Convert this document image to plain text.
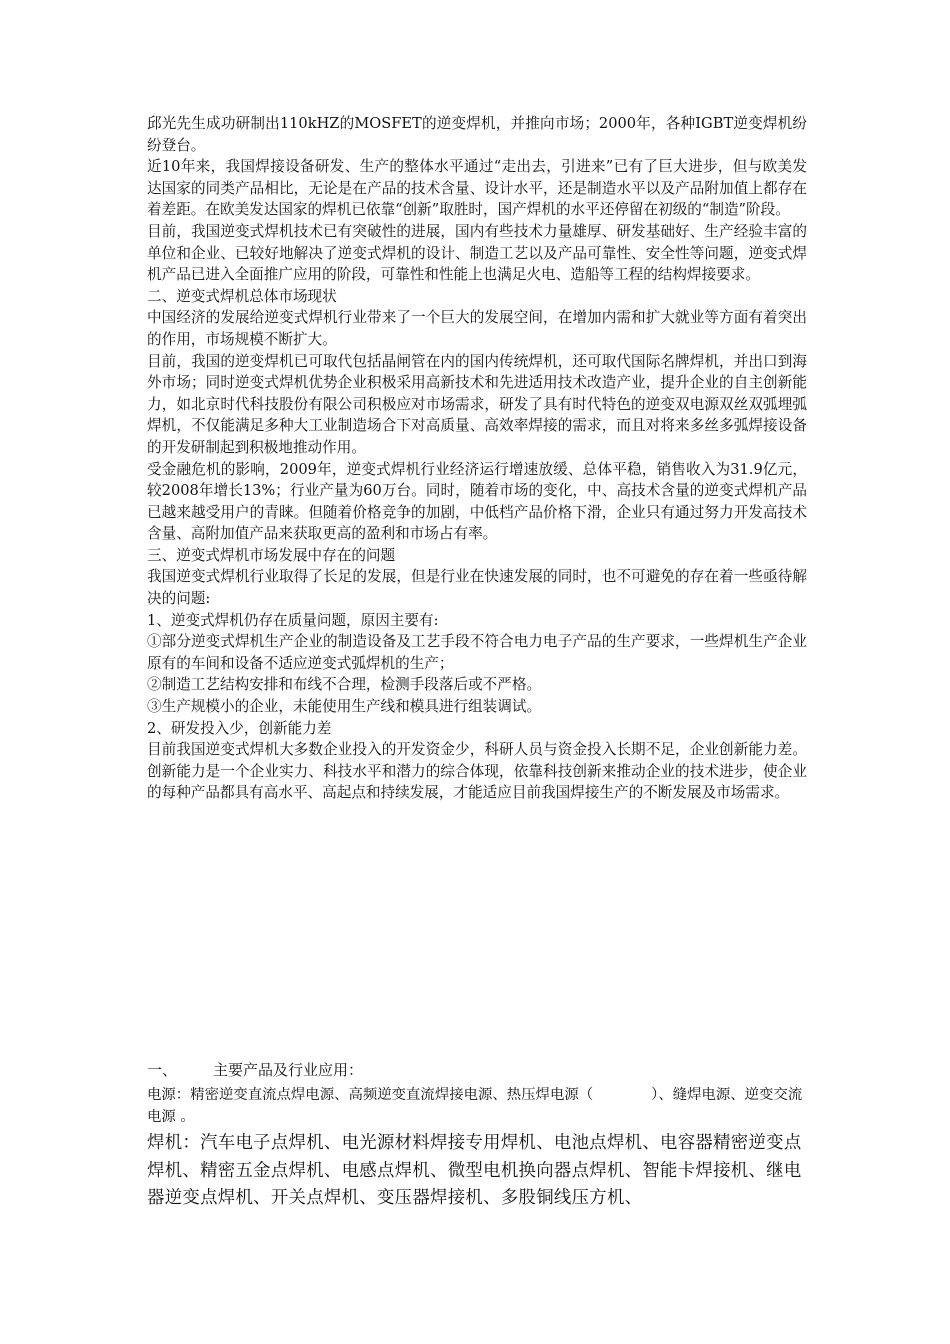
邱光先生成功研制出110kHZ的MOSFET的逆变焊机，并推向市场；2000年，各种IGBT逆变焊机纷纷登台。

近10年来，我国焊接设备研发、生产的整体水平通过“走出去，引进来”已有了巨大进步，但与欧美发达国家的同类产品相比，无论是在产品的技术含量、设计水平，还是制造水平以及产品附加值上都存在着差距。在欧美发达国家的焊机已依靠“创新”取胜时，国产焊机的水平还停留在初级的“制造”阶段。

目前，我国逆变式焊机技术已有突破性的进展，国内有些技术力量雄厚、研发基础好、生产经验丰富的单位和企业、已较好地解决了逆变式焊机的设计、制造工艺以及产品可靠性、安全性等问题，逆变式焊机产品已进入全面推广应用的阶段，可靠性和性能上也满足火电、造船等工程的结构焊接要求。

二、逆变式焊机总体市场现状

中国经济的发展给逆变式焊机行业带来了一个巨大的发展空间，在增加内需和扩大就业等方面有着突出的作用，市场规模不断扩大。

目前，我国的逆变焊机已可取代包括晶闸管在内的国内传统焊机，还可取代国际名牌焊机，并出口到海外市场；同时逆变式焊机优势企业积极采用高新技术和先进适用技术改造产业，提升企业的自主创新能力，如北京时代科技股份有限公司积极应对市场需求，研发了具有时代特色的逆变双电源双丝双弧埋弧焊机，不仅能满足多种大工业制造场合下对高质量、高效率焊接的需求，而且对将来多丝多弧焊接设备的开发研制起到积极地推动作用。

受金融危机的影响，2009年，逆变式焊机行业经济运行增速放缓、总体平稳，销售收入为31.9亿元，较2008年增长13%；行业产量为60万台。同时，随着市场的变化，中、高技术含量的逆变式焊机产品已越来越受用户的青睐。但随着价格竞争的加剧，中低档产品价格下滑，企业只有通过努力开发高技术含量、高附加值产品来获取更高的盈利和市场占有率。

三、逆变式焊机市场发展中存在的问题

我国逆变式焊机行业取得了长足的发展，但是行业在快速发展的同时，也不可避免的存在着一些亟待解决的问题:

1、逆变式焊机仍存在质量问题，原因主要有:

①部分逆变式焊机生产企业的制造设备及工艺手段不符合电力电子产品的生产要求，一些焊机生产企业原有的车间和设备不适应逆变式弧焊机的生产；

②制造工艺结构安排和布线不合理，检测手段落后或不严格。

③生产规模小的企业，未能使用生产线和模具进行组装调试。

2、研发投入少，创新能力差

目前我国逆变式焊机大多数企业投入的开发资金少，科研人员与资金投入长期不足，企业创新能力差。创新能力是一个企业实力、科技水平和潜力的综合体现，依靠科技创新来推动企业的技术进步，使企业的每种产品都具有高水平、高起点和持续发展，才能适应目前我国焊接生产的不断发展及市场需求。

一、 主要产品及行业应用：

电源：精密逆变直流点焊电源、高频逆变直流焊接电源、热压焊电源（	）、缝焊电源、逆变交流电源 。

焊机：汽车电子点焊机、电光源材料焊接专用焊机、电池点焊机、电容器精密逆变点焊机、精密五金点焊机、电感点焊机、微型电机换向器点焊机、智能卡焊接机、继电器逆变点焊机、开关点焊机、变压器焊接机、多股铜线压方机、
